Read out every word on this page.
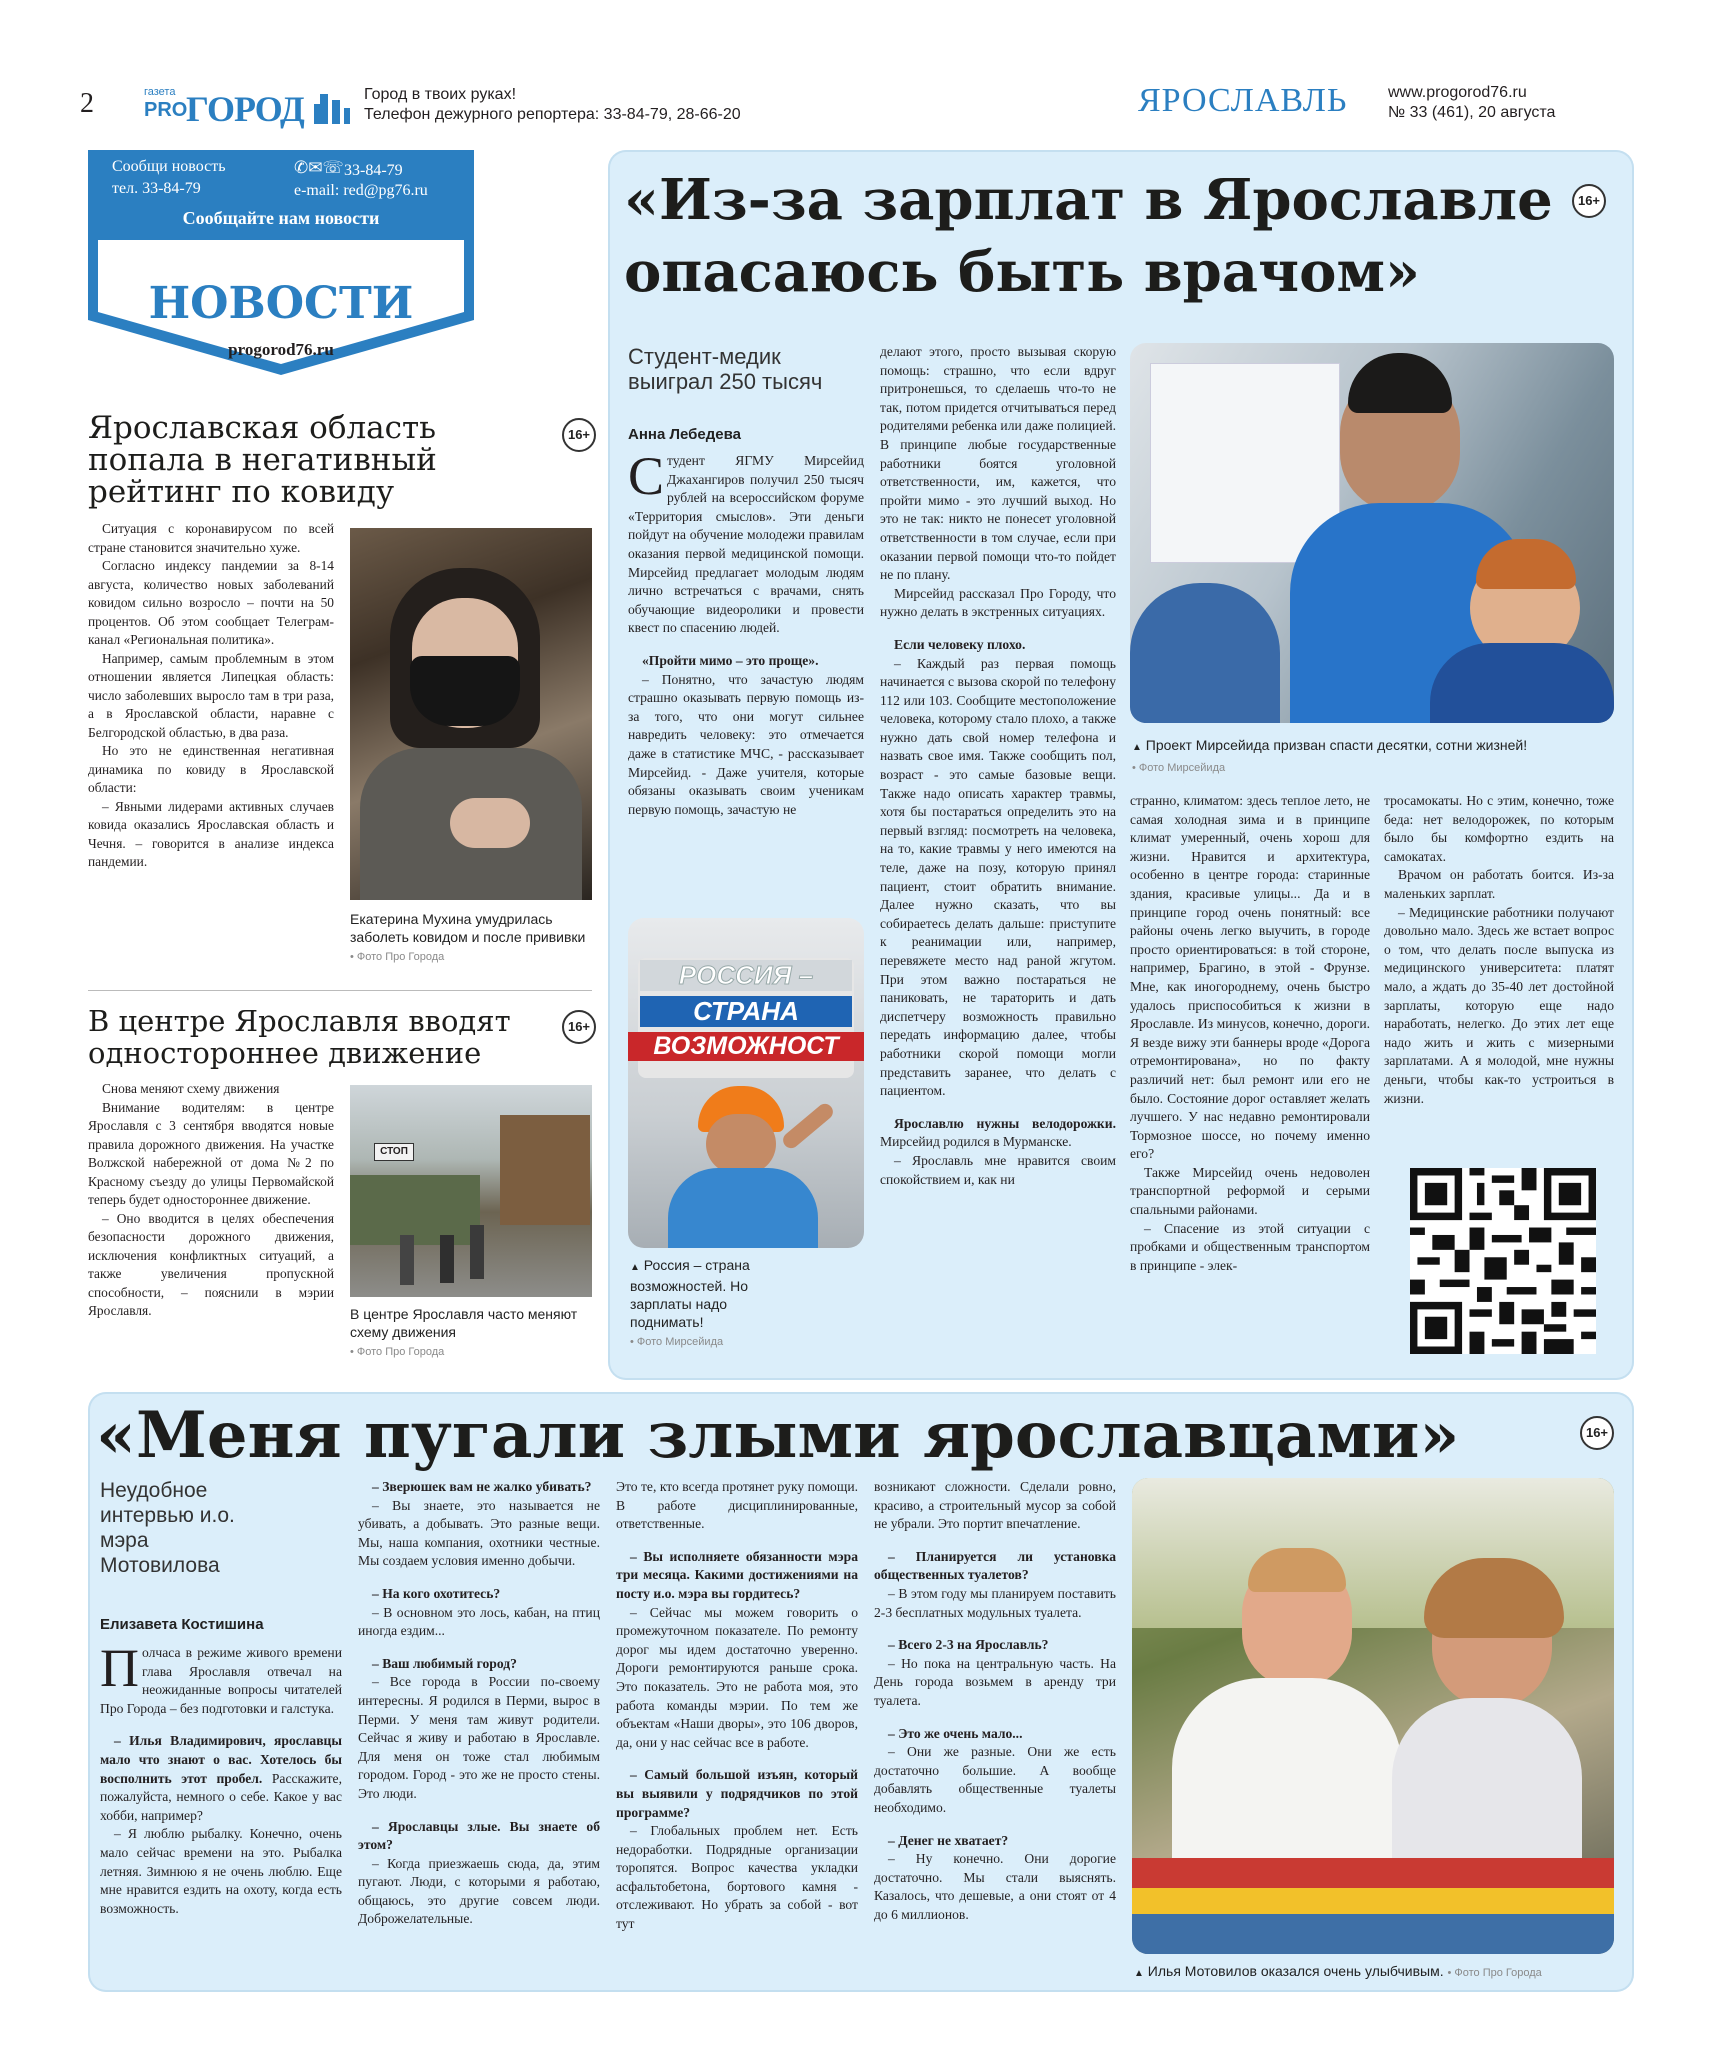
2	газета
PRO
ГОРОД	Город в твоих руках!
Телефон дежурного репортера: 33-84-79, 28-66-20	ЯРОСЛАВЛЬ	www.progorod76.ru
№ 33 (461), 20 августа
Сообщи новость
тел. 33-84-79
✆✉☏ 33-84-79
e-mail: red@pg76.ru
Сообщайте нам новости
НОВОСТИ
progorod76.ru
Ярославская область попала в негативный рейтинг по ковиду
16+

Ситуация с коронавирусом по всей стране становится значительно хуже.

Согласно индексу пандемии за 8-14 августа, количество новых заболеваний ковидом сильно возросло – почти на 50 процентов. Об этом сообщает Телеграм-канал «Региональная политика».

Например, самым проблемным в этом отношении является Липецкая область: число заболевших выросло там в три раза, а в Ярославской области, наравне с Белгородской областью, в два раза.

Но это не единственная негативная динамика по ковиду в Ярославской области:

– Явными лидерами активных случаев ковида оказались Ярославская область и Чечня. – говорится в анализе индекса пандемии.

Екатерина Мухина умудрилась заболеть ковидом и после прививки • Фото Про Города
В центре Ярославля вводят одностороннее движение
16+

Снова меняют схему движения

Внимание водителям: в центре Ярославля с 3 сентября вводятся новые правила дорожного движения. На участке Волжской набережной от дома №2 по Красному съезду до улицы Первомайской теперь будет одностороннее движение.

– Оно вводится в целях обеспечения безопасности дорожного движения, исключения конфликтных ситуаций, а также увеличения пропускной способности, – пояснили в мэрии Ярославля.

СТОП
В центре Ярославля часто меняют схему движения
• Фото Про Города
«Из-за зарплат в Ярославле опасаюсь быть врачом»
16+
Студент-медик выиграл 250 тысяч
Анна Лебедева

Студент ЯГМУ Мирсейид Джахангиров получил 250 тысяч рублей на всероссийском форуме «Территория смыслов». Эти деньги пойдут на обучение молодежи правилам оказания первой медицинской помощи. Мирсейид предлагает молодым людям лично встречаться с врачами, снять обучающие видеоролики и провести квест по спасению людей.

«Пройти мимо – это проще».

– Понятно, что зачастую людям страшно оказывать первую помощь из-за того, что они могут сильнее навредить человеку: это отмечается даже в статистике МЧС, - рассказывает Мирсейид. - Даже учителя, которые обязаны оказывать своим ученикам первую помощь, зачастую не

делают этого, просто вызывая скорую помощь: страшно, что если вдруг притронешься, то сделаешь что-то не так, потом придется отчитываться перед родителями ребенка или даже полицией. В принципе любые государственные работники боятся уголовной ответственности, им, кажется, что пройти мимо - это лучший выход. Но это не так: никто не понесет уголовной ответственности в том случае, если при оказании первой помощи что-то пойдет не по плану.

Мирсейид рассказал Про Городу, что нужно делать в экстренных ситуациях.

Если человеку плохо.

– Каждый раз первая помощь начинается с вызова скорой по телефону 112 или 103. Сообщите местоположение человека, которому стало плохо, а также нужно дать свой номер телефона и назвать свое имя. Также сообщить пол, возраст - это самые базовые вещи. Также надо описать характер травмы, хотя бы постараться определить это на первый взгляд: посмотреть на человека, на то, какие травмы у него имеются на теле, даже на позу, которую принял пациент, стоит обратить внимание. Далее нужно сказать, что вы собираетесь делать дальше: приступите к реанимации или, например, перевяжете место над раной жгутом. При этом важно постараться не паниковать, не тараторить и дать диспетчеру возможность правильно передать информацию далее, чтобы работники скорой помощи могли представить заранее, что делать с пациентом.

Ярославлю нужны велодорожки. Мирсейид родился в Мурманске.

– Ярославль мне нравится своим спокойствием и, как ни

▲ Проект Мирсейида призван спасти десятки, сотни жизней!
• Фото Мирсейида
РОССИЯ –
СТРАНА
ВОЗМОЖНОСТ
▲ Россия – страна возможностей. Но зарплаты надо поднимать!
• Фото Мирсейида

странно, климатом: здесь теплое лето, не самая холодная зима и в принципе климат умеренный, очень хорош для жизни. Нравится и архитектура, особенно в центре города: старинные здания, красивые улицы... Да и в принципе город очень понятный: все районы очень легко выучить, в городе просто ориентироваться: в той стороне, например, Брагино, в этой - Фрунзе. Мне, как иногороднему, очень быстро удалось приспособиться к жизни в Ярославле. Из минусов, конечно, дороги. Я везде вижу эти баннеры вроде «Дорога отремонтирована», но по факту различий нет: был ремонт или его не было. Состояние дорог оставляет желать лучшего. У нас недавно ремонтировали Тормозное шоссе, но почему именно его?

Также Мирсейид очень недоволен транспортной реформой и серыми спальными районами.

– Спасение из этой ситуации с пробками и общественным транспортом в принципе - элек-

тросамокаты. Но с этим, конечно, тоже беда: нет велодорожек, по которым было бы комфортно ездить на самокатах.

Врачом он работать боится. Из-за маленьких зарплат.

– Медицинские работники получают довольно мало. Здесь же встает вопрос о том, что делать после выпуска из медицинского университета: платят мало, а ждать до 35-40 лет достойной зарплаты, которую еще надо наработать, нелегко. До этих лет еще надо жить и жить с мизерными зарплатами. А я молодой, мне нужны деньги, чтобы как-то устроиться в жизни.

«Меня пугали злыми ярославцами»	16+
Неудобное интервью и.о. мэра Мотовилова
Елизавета Костишина

Полчаса в режиме живого времени глава Ярославля отвечал на неожиданные вопросы читателей Про Города – без подготовки и галстука.

– Илья Владимирович, ярославцы мало что знают о вас. Хотелось бы восполнить этот пробел. Расскажите, пожалуйста, немного о себе. Какое у вас хобби, например?

– Я люблю рыбалку. Конечно, очень мало сейчас времени на это. Рыбалка летняя. Зимнюю я не очень люблю. Еще мне нравится ездить на охоту, когда есть возможность.

– Зверюшек вам не жалко убивать?

– Вы знаете, это называется не убивать, а добывать. Это разные вещи. Мы, наша компания, охотники честные. Мы создаем условия именно добычи.

– На кого охотитесь?

– В основном это лось, кабан, на птиц иногда ездим...

– Ваш любимый город?

– Все города в России по-своему интересны. Я родился в Перми, вырос в Перми. У меня там живут родители. Сейчас я живу и работаю в Ярославле. Для меня он тоже стал любимым городом. Город - это же не просто стены. Это люди.

– Ярославцы злые. Вы знаете об этом?

– Когда приезжаешь сюда, да, этим пугают. Люди, с которыми я работаю, общаюсь, это другие совсем люди. Доброжелательные.

Это те, кто всегда протянет руку помощи. В работе дисциплинированные, ответственные.

– Вы исполняете обязанности мэра три месяца. Какими достижениями на посту и.о. мэра вы гордитесь?

– Сейчас мы можем говорить о промежуточном показателе. По ремонту дорог мы идем достаточно уверенно. Дороги ремонтируются раньше срока. Это показатель. Это не работа моя, это работа команды мэрии. По тем же объектам «Наши дворы», это 106 дворов, да, они у нас сейчас все в работе.

– Самый большой изъян, который вы выявили у подрядчиков по этой программе?

– Глобальных проблем нет. Есть недоработки. Подрядные организации торопятся. Вопрос качества укладки асфальтобетона, бортового камня - отслеживают. Но убрать за собой - вот тут

возникают сложности. Сделали ровно, красиво, а строительный мусор за собой не убрали. Это портит впечатление.

– Планируется ли установка общественных туалетов?

– В этом году мы планируем поставить 2-3 бесплатных модульных туалета.

– Всего 2-3 на Ярославль?

– Но пока на центральную часть. На День города возьмем в аренду три туалета.

– Это же очень мало...

– Они же разные. Они же есть достаточно большие. А вообще добавлять общественные туалеты необходимо.

– Денег не хватает?

– Ну конечно. Они дорогие достаточно. Мы стали выяснять. Казалось, что дешевые, а они стоят от 4 до 6 миллионов.

▲ Илья Мотовилов оказался очень улыбчивым. • Фото Про Города
